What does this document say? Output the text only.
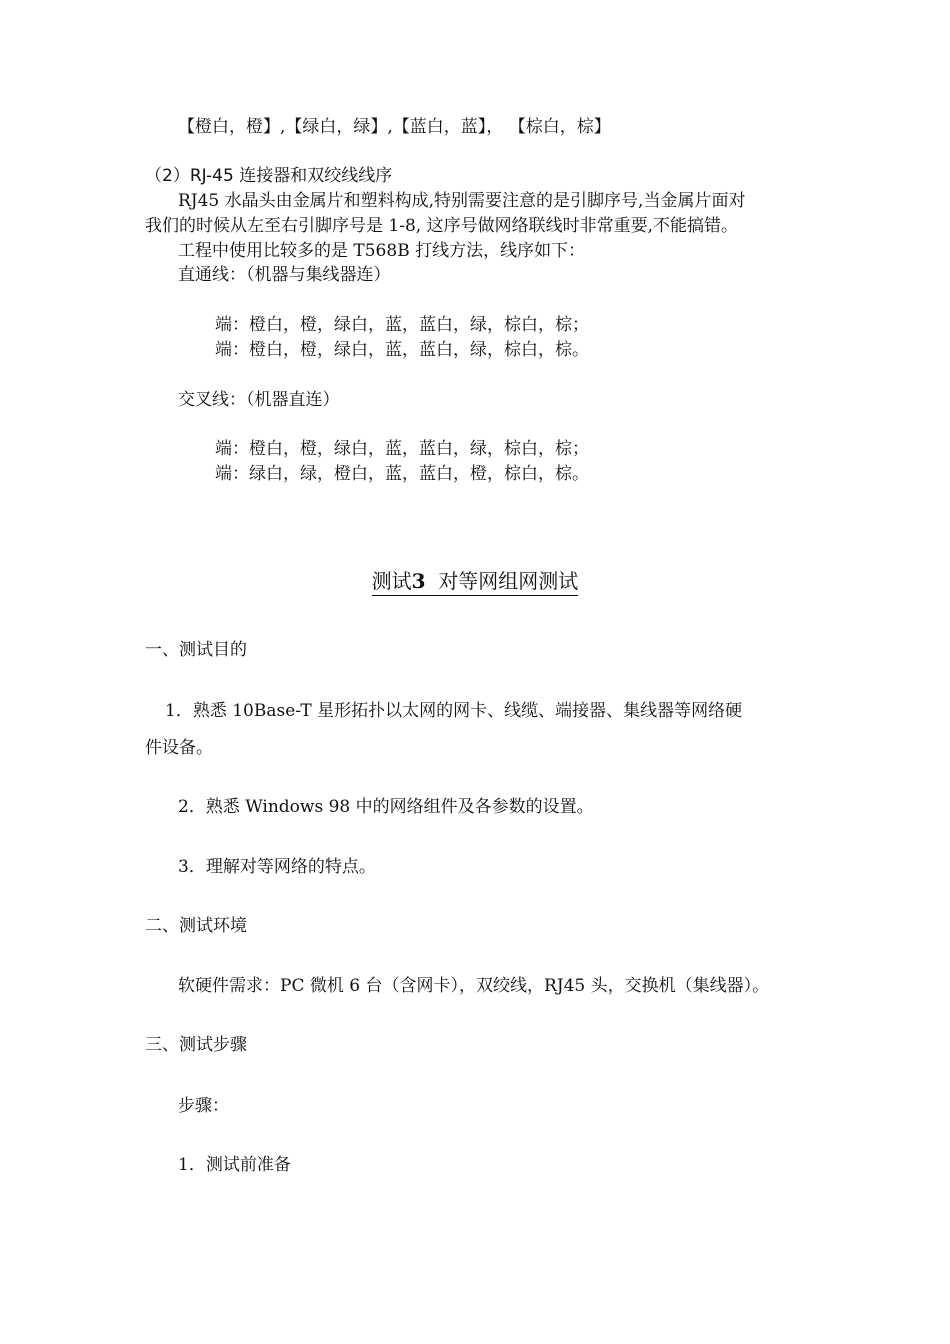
【橙白，橙】,【绿白，绿】,【蓝白，蓝】， 【棕白，棕】
（2）RJ-45 连接器和双绞线线序
RJ45 水晶头由金属片和塑料构成,特别需要注意的是引脚序号,当金属片面对
我们的时候从左至右引脚序号是 1-8, 这序号做网络联线时非常重要,不能搞错。
工程中使用比较多的是 T568B 打线方法，线序如下：
直通线：（机器与集线器连）
端：橙白，橙，绿白，蓝，蓝白，绿，棕白，棕；
端：橙白，橙，绿白，蓝，蓝白，绿，棕白，棕。
交叉线：（机器直连）
端：橙白，橙，绿白，蓝，蓝白，绿，棕白，棕；
端：绿白，绿，橙白，蓝，蓝白，橙，棕白，棕。
测试3 对等网组网测试
一、测试目的
1．熟悉 10Base-T 星形拓扑以太网的网卡、线缆、端接器、集线器等网络硬
件设备。
2．熟悉 Windows 98 中的网络组件及各参数的设置。
3．理解对等网络的特点。
二、测试环境
软硬件需求：PC 微机 6 台（含网卡），双绞线，RJ45 头，交换机（集线器）。
三、测试步骤
步骤：
1．测试前准备
